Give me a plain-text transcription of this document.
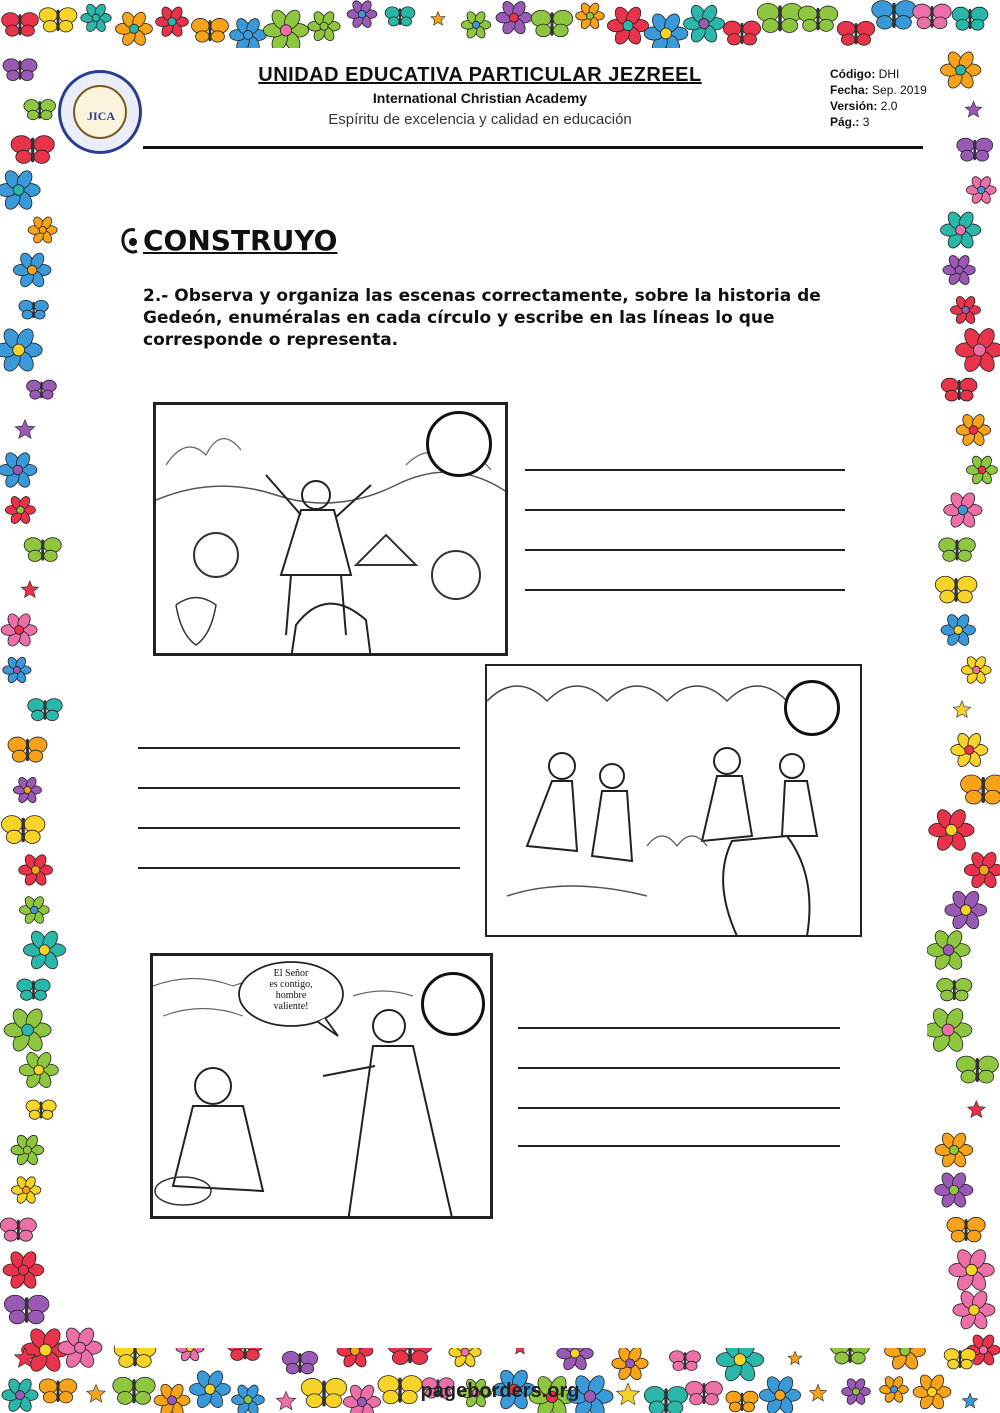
JICA
UNIDAD EDUCATIVA PARTICULAR JEZREEL
International Christian Academy
Espíritu de excelencia y calidad en educación
Código: DHI
Fecha: Sep. 2019
Versión: 2.0
Pág.: 3
CONSTRUYO
2.- Observa y organiza las escenas correctamente, sobre la historia de Gedeón, enuméralas en cada círculo y escribe en las líneas lo que corresponde o representa.
El Señor
es contigo,
hombre
valiente!
pageborders.org
